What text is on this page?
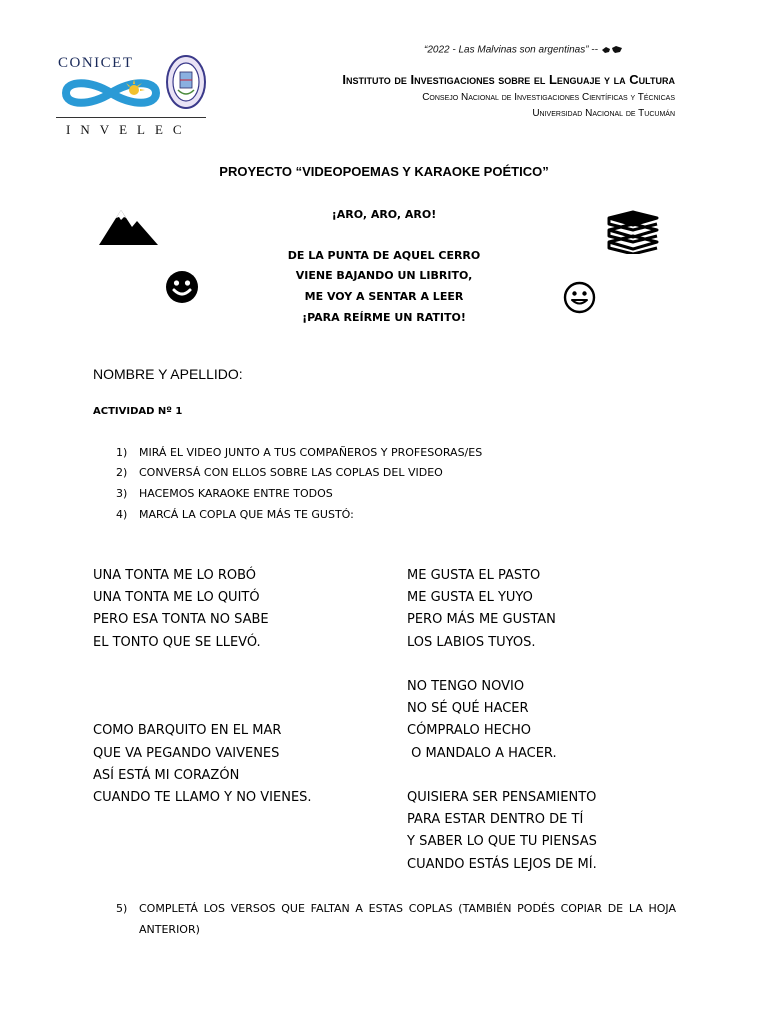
CONICET
INVELEC
“2022 - Las Malvinas son argentinas” --
Instituto de Investigaciones sobre el Lenguaje y la Cultura
Consejo Nacional de Investigaciones Científicas y Técnicas
Universidad Nacional de Tucumán
PROYECTO “VIDEOPOEMAS Y KARAOKE POÉTICO”
¡ARO, ARO, ARO!
DE LA PUNTA DE AQUEL CERRO
VIENE BAJANDO UN LIBRITO,
ME VOY A SENTAR A LEER
¡PARA REÍRME UN RATITO!
NOMBRE Y APELLIDO:
ACTIVIDAD Nº 1
1) MIRÁ EL VIDEO JUNTO A TUS COMPAÑEROS Y PROFESORAS/ES
2) CONVERSÁ CON ELLOS SOBRE LAS COPLAS DEL VIDEO
3) HACEMOS KARAOKE ENTRE TODOS
4) MARCÁ LA COPLA QUE MÁS TE GUSTÓ:
UNA TONTA ME LO ROBÓ
UNA TONTA ME LO QUITÓ
PERO ESA TONTA NO SABE
EL TONTO QUE SE LLEVÓ.
COMO BARQUITO EN EL MAR
QUE VA PEGANDO VAIVENES
ASÍ ESTÁ MI CORAZÓN
CUANDO TE LLAMO Y NO VIENES.
ME GUSTA EL PASTO
ME GUSTA EL YUYO
PERO MÁS ME GUSTAN
LOS LABIOS TUYOS.
NO TENGO NOVIO
NO SÉ QUÉ HACER
CÓMPRALO HECHO
O MANDALO A HACER.
QUISIERA SER PENSAMIENTO
PARA ESTAR DENTRO DE TÍ
Y SABER LO QUE TU PIENSAS
CUANDO ESTÁS LEJOS DE MÍ.
5)	COMPLETÁ LOS VERSOS QUE FALTAN A ESTAS COPLAS (TAMBIÉN PODÉS COPIAR DE LA HOJA ANTERIOR)
